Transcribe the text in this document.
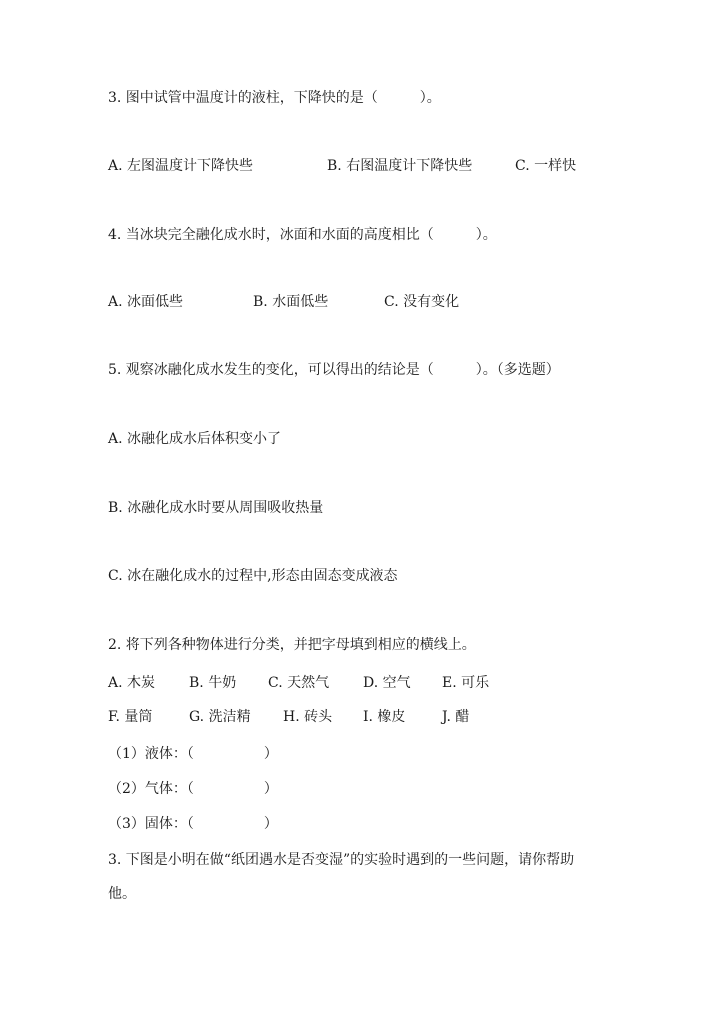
3. 图中试管中温度计的液柱，下降快的是（　　　）。
A. 左图温度计下降快些	B. 右图温度计下降快些	C. 一样快
4. 当冰块完全融化成水时，冰面和水面的高度相比（　　　）。
A. 冰面低些	B. 水面低些	C. 没有变化
5. 观察冰融化成水发生的变化，可以得出的结论是（　　　）。（多选题）
A. 冰融化成水后体积变小了
B. 冰融化成水时要从周围吸收热量
C. 冰在融化成水的过程中,形态由固态变成液态
2. 将下列各种物体进行分类，并把字母填到相应的横线上。
A. 木炭 B. 牛奶 C. 天然气 D. 空气 E. 可乐
F. 量筒	G. 洗洁精 H. 砖头 I. 橡皮	J. 醋
（1）液体：（　　　　　）
（2）气体：（　　　　　）
（3）固体：（　　　　　）
3. 下图是小明在做“纸团遇水是否变湿”的实验时遇到的一些问题，请你帮助
他。
